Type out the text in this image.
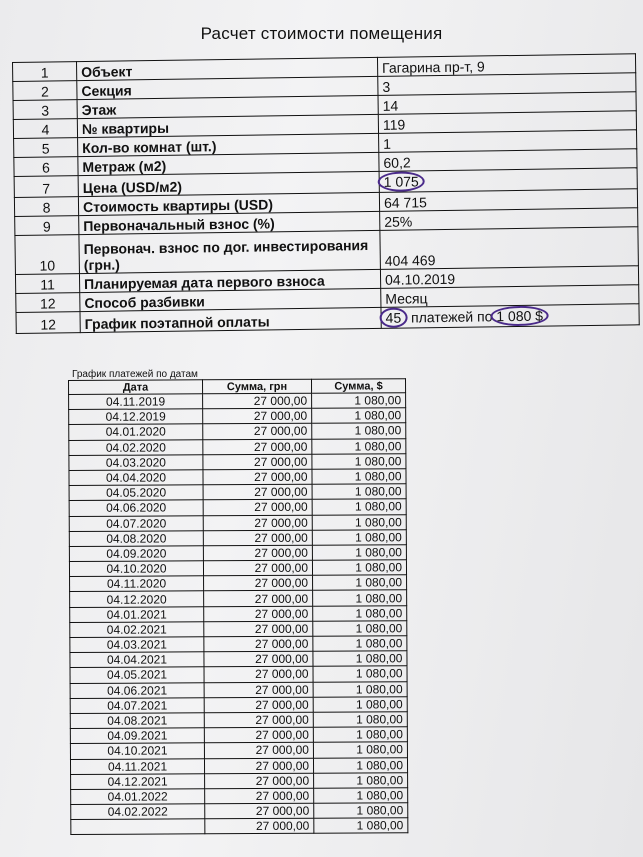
Расчет стоимости помещения
1	Объект	Гагарина пр-т, 9
2	Секция	3
3	Этаж	14
4	№ квартиры	119
5	Кол-во комнат (шт.)	1
6	Метраж (м2)	60,2
7	Цена (USD/м2)	1 075
8	Стоимость квартиры (USD)	64 715
9	Первоначальный взнос (%)	25%
10	Первонач. взнос по дог. инвестирования (грн.)	404 469
11	Планируемая дата первого взноса	04.10.2019
12	Способ разбивки	Месяц
12	График поэтапной оплаты	45 платежей по 1 080 $
График платежей по датам
Дата	Сумма, грн	Сумма, $
04.11.2019	27 000,00	1 080,00
04.12.2019	27 000,00	1 080,00
04.01.2020	27 000,00	1 080,00
04.02.2020	27 000,00	1 080,00
04.03.2020	27 000,00	1 080,00
04.04.2020	27 000,00	1 080,00
04.05.2020	27 000,00	1 080,00
04.06.2020	27 000,00	1 080,00
04.07.2020	27 000,00	1 080,00
04.08.2020	27 000,00	1 080,00
04.09.2020	27 000,00	1 080,00
04.10.2020	27 000,00	1 080,00
04.11.2020	27 000,00	1 080,00
04.12.2020	27 000,00	1 080,00
04.01.2021	27 000,00	1 080,00
04.02.2021	27 000,00	1 080,00
04.03.2021	27 000,00	1 080,00
04.04.2021	27 000,00	1 080,00
04.05.2021	27 000,00	1 080,00
04.06.2021	27 000,00	1 080,00
04.07.2021	27 000,00	1 080,00
04.08.2021	27 000,00	1 080,00
04.09.2021	27 000,00	1 080,00
04.10.2021	27 000,00	1 080,00
04.11.2021	27 000,00	1 080,00
04.12.2021	27 000,00	1 080,00
04.01.2022	27 000,00	1 080,00
04.02.2022	27 000,00	1 080,00
	27 000,00	1 080,00
